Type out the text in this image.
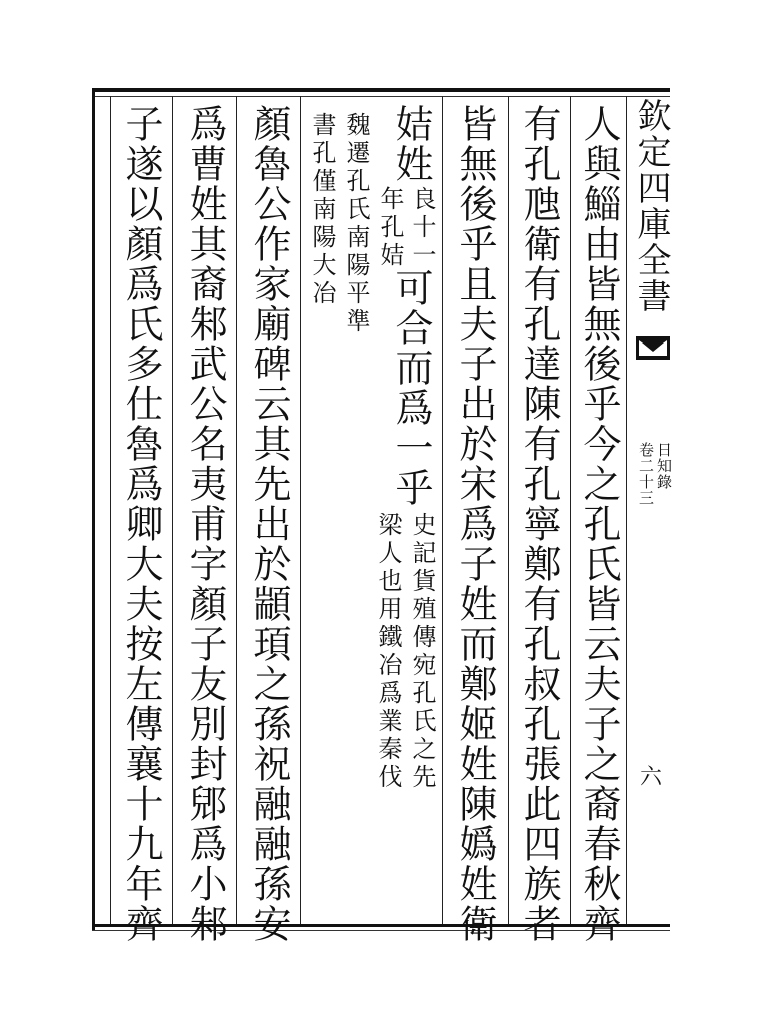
欽定四庫全書
日知錄
卷二十三
六
人與鯔由皆無後乎今之孔氏皆云夫子之裔春秋齊
有孔虺衛有孔達陳有孔寧鄭有孔叔孔張此四族者
皆無後乎且夫子出於宋爲子姓而鄭姬姓陳嬀姓衛
姞姓
良十一
年孔姞
可合而爲一乎
史記貨殖傳宛孔氏之先
梁人也用鐵冶爲業秦伐
魏遷孔氏南陽平準
書孔僅南陽大冶
顏魯公作家廟碑云其先出於顓頊之孫祝融融孫安
爲曹姓其裔邾武公名夷甫字顏子友別封郳爲小邾
子遂以顏爲氏多仕魯爲卿大夫按左傳襄十九年齊
